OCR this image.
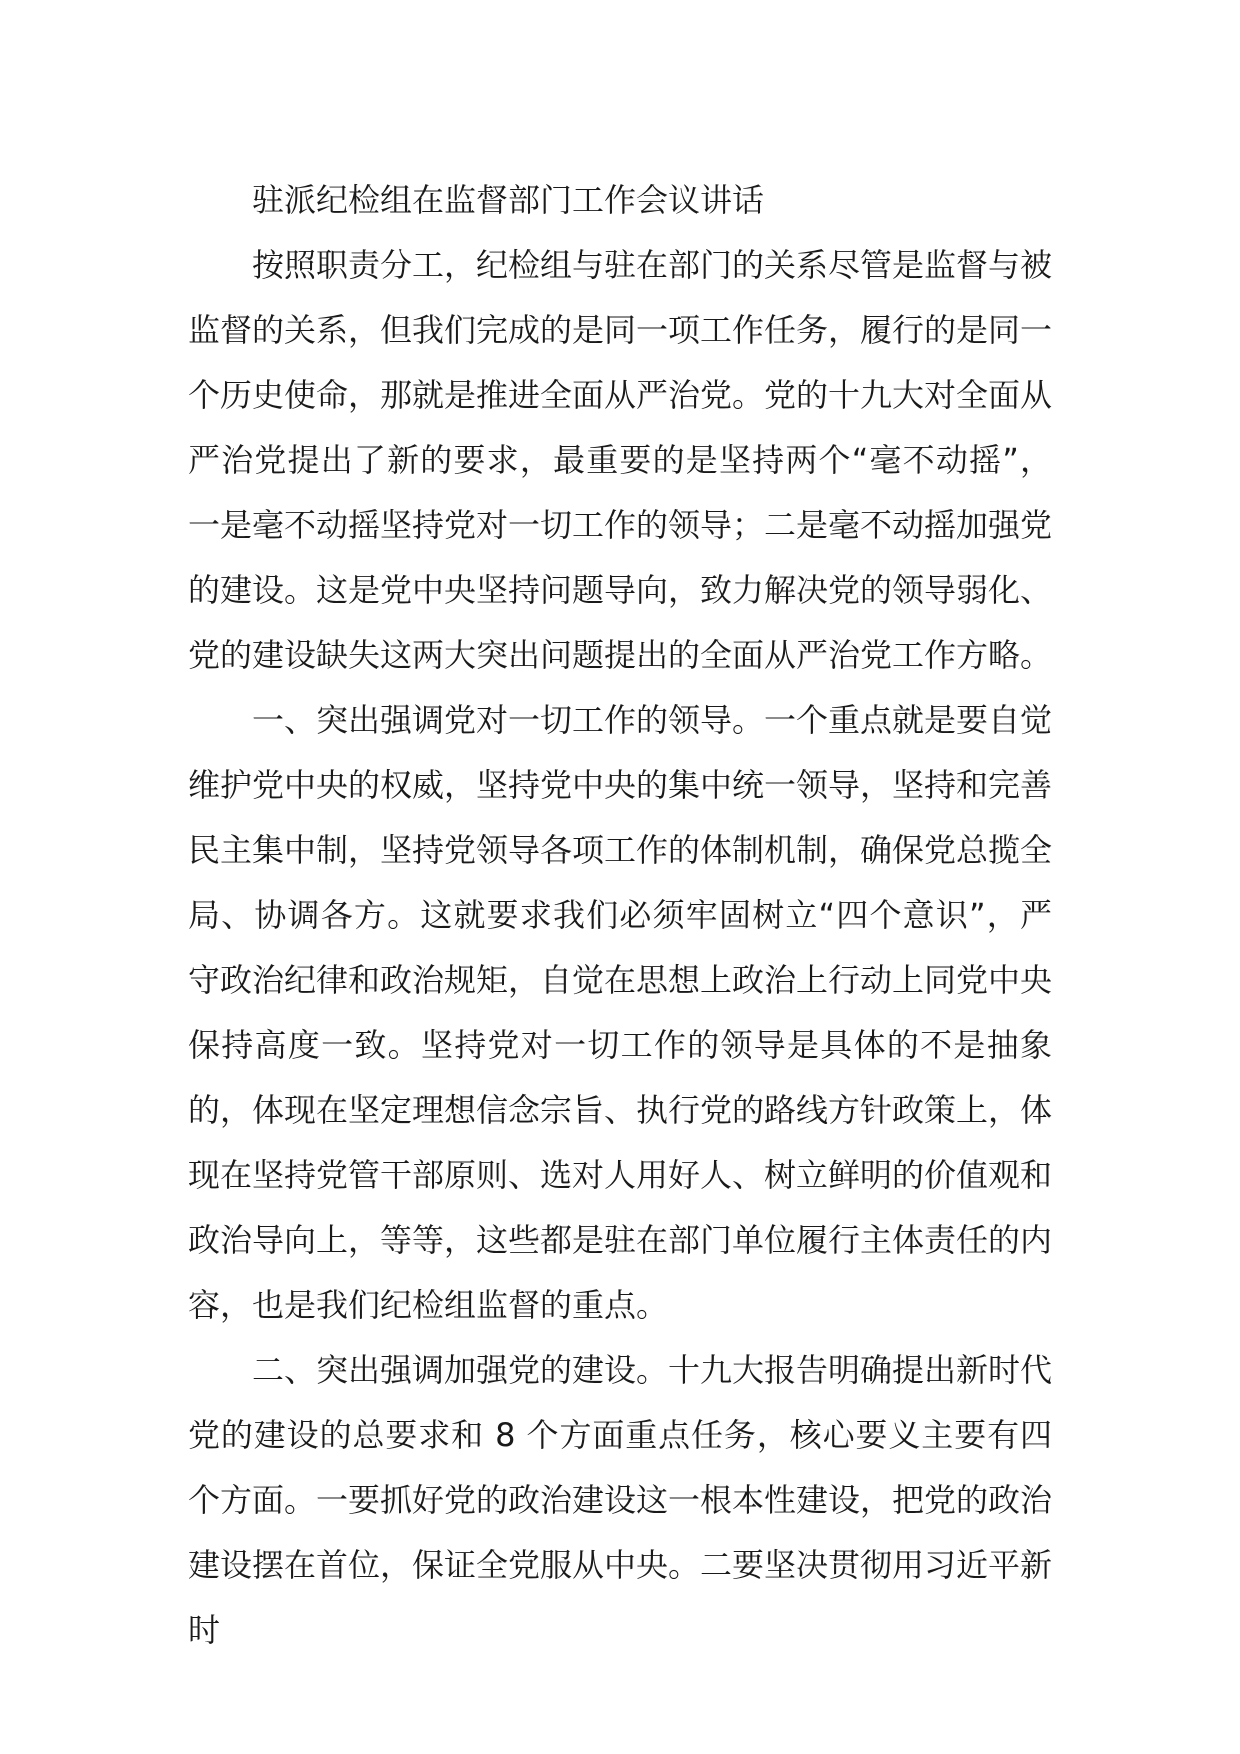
驻派纪检组在监督部门工作会议讲话

按照职责分工，纪检组与驻在部门的关系尽管是监督与被监督的关系，但我们完成的是同一项工作任务，履行的是同一个历史使命，那就是推进全面从严治党。党的十九大对全面从严治党提出了新的要求，最重要的是坚持两个“毫不动摇”，一是毫不动摇坚持党对一切工作的领导；二是毫不动摇加强党的建设。这是党中央坚持问题导向，致力解决党的领导弱化、党的建设缺失这两大突出问题提出的全面从严治党工作方略。

一、突出强调党对一切工作的领导。一个重点就是要自觉维护党中央的权威，坚持党中央的集中统一领导，坚持和完善民主集中制，坚持党领导各项工作的体制机制，确保党总揽全局、协调各方。这就要求我们必须牢固树立“四个意识”，严守政治纪律和政治规矩，自觉在思想上政治上行动上同党中央保持高度一致。坚持党对一切工作的领导是具体的不是抽象的，体现在坚定理想信念宗旨、执行党的路线方针政策上，体现在坚持党管干部原则、选对人用好人、树立鲜明的价值观和政治导向上，等等，这些都是驻在部门单位履行主体责任的内容，也是我们纪检组监督的重点。

二、突出强调加强党的建设。十九大报告明确提出新时代党的建设的总要求和 8 个方面重点任务，核心要义主要有四个方面。一要抓好党的政治建设这一根本性建设，把党的政治建设摆在首位，保证全党服从中央。二要坚决贯彻用习近平新时
